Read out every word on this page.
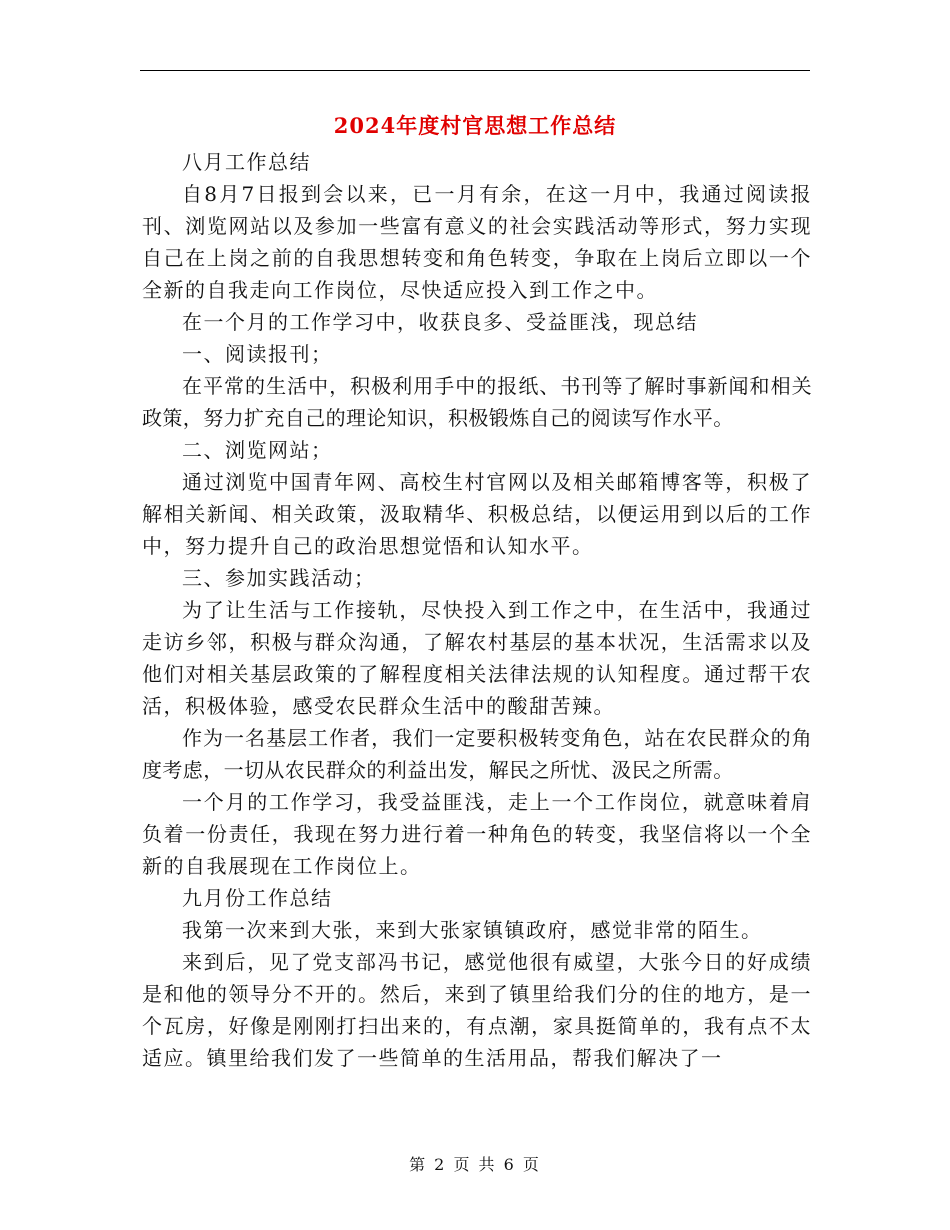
2024年度村官思想工作总结

八月工作总结

自8月7日报到会以来，已一月有余，在这一月中，我通过阅读报刊、浏览网站以及参加一些富有意义的社会实践活动等形式，努力实现自己在上岗之前的自我思想转变和角色转变，争取在上岗后立即以一个全新的自我走向工作岗位，尽快适应投入到工作之中。

在一个月的工作学习中，收获良多、受益匪浅，现总结

一、阅读报刊；

在平常的生活中，积极利用手中的报纸、书刊等了解时事新闻和相关政策，努力扩充自己的理论知识，积极锻炼自己的阅读写作水平。

二、浏览网站；

通过浏览中国青年网、高校生村官网以及相关邮箱博客等，积极了解相关新闻、相关政策，汲取精华、积极总结，以便运用到以后的工作中，努力提升自己的政治思想觉悟和认知水平。

三、参加实践活动；

为了让生活与工作接轨，尽快投入到工作之中，在生活中，我通过走访乡邻，积极与群众沟通，了解农村基层的基本状况，生活需求以及他们对相关基层政策的了解程度相关法律法规的认知程度。通过帮干农活，积极体验，感受农民群众生活中的酸甜苦辣。

作为一名基层工作者，我们一定要积极转变角色，站在农民群众的角度考虑，一切从农民群众的利益出发，解民之所忧、汲民之所需。

一个月的工作学习，我受益匪浅，走上一个工作岗位，就意味着肩负着一份责任，我现在努力进行着一种角色的转变，我坚信将以一个全新的自我展现在工作岗位上。

九月份工作总结

我第一次来到大张，来到大张家镇镇政府，感觉非常的陌生。

来到后，见了党支部冯书记，感觉他很有威望，大张今日的好成绩是和他的领导分不开的。然后，来到了镇里给我们分的住的地方，是一个瓦房，好像是刚刚打扫出来的，有点潮，家具挺简单的，我有点不太适应。镇里给我们发了一些简单的生活用品，帮我们解决了一

第 2 页 共 6 页
